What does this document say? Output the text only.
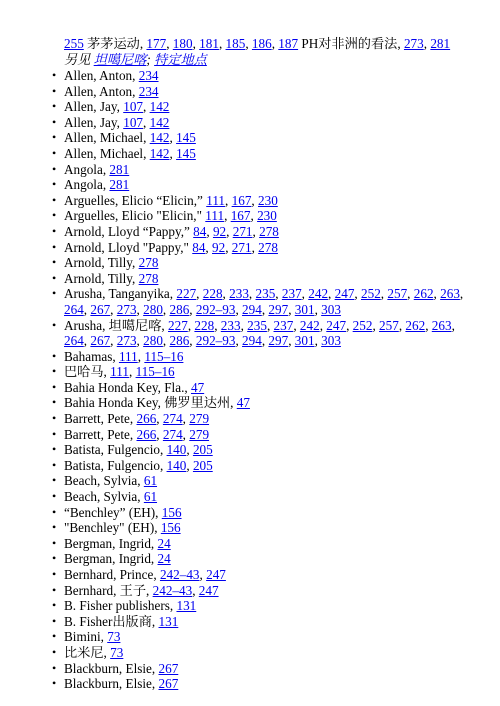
255 茅茅运动, 177, 180, 181, 185, 186, 187 PH对非洲的看法, 273, 281 另见 坦噶尼喀; 特定地点
• Allen, Anton, 234
• Allen, Anton, 234
• Allen, Jay, 107, 142
• Allen, Jay, 107, 142
• Allen, Michael, 142, 145
• Allen, Michael, 142, 145
• Angola, 281
• Angola, 281
• Arguelles, Elicio “Elicin,” 111, 167, 230
• Arguelles, Elicio "Elicin," 111, 167, 230
• Arnold, Lloyd “Pappy,” 84, 92, 271, 278
• Arnold, Lloyd "Pappy," 84, 92, 271, 278
• Arnold, Tilly, 278
• Arnold, Tilly, 278
• Arusha, Tanganyika, 227, 228, 233, 235, 237, 242, 247, 252, 257, 262, 263, 264, 267, 273, 280, 286, 292–93, 294, 297, 301, 303
• Arusha, 坦噶尼喀, 227, 228, 233, 235, 237, 242, 247, 252, 257, 262, 263, 264, 267, 273, 280, 286, 292–93, 294, 297, 301, 303
• Bahamas, 111, 115–16
• 巴哈马, 111, 115–16
• Bahia Honda Key, Fla., 47
• Bahia Honda Key, 佛罗里达州, 47
• Barrett, Pete, 266, 274, 279
• Barrett, Pete, 266, 274, 279
• Batista, Fulgencio, 140, 205
• Batista, Fulgencio, 140, 205
• Beach, Sylvia, 61
• Beach, Sylvia, 61
• “Benchley” (EH), 156
• "Benchley" (EH), 156
• Bergman, Ingrid, 24
• Bergman, Ingrid, 24
• Bernhard, Prince, 242–43, 247
• Bernhard, 王子, 242–43, 247
• B. Fisher publishers, 131
• B. Fisher出版商, 131
• Bimini, 73
• 比米尼, 73
• Blackburn, Elsie, 267
• Blackburn, Elsie, 267
